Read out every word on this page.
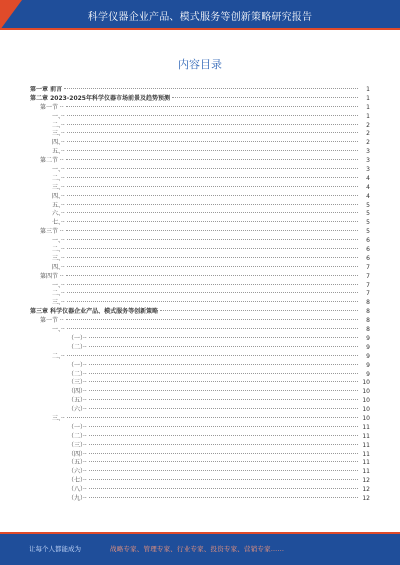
科学仪器企业产品、模式服务等创新策略研究报告
内容目录
第一章 前言	1
第二章 2023-2025年科学仪器市场前景及趋势预测	1
第一节 ··	1
一、··	1
二、··	2
三、··	2
四、··	2
五、··	3
第二节 ··	3
一、··	3
二、··	4
三、··	4
四、··	4
五、··	5
六、··	5
七、··	5
第三节 ··	5
一、··	6
二、··	6
三、··	6
四、··	7
第四节 ··	7
一、··	7
二、··	7
三、··	8
第三章 科学仪器企业产品、模式服务等创新策略	8
第一节 ··	8
一、··	8
（一）··	9
（二）··	9
二、··	9
（一）··	9
（二）··	9
（三）··	10
（四）··	10
（五）··	10
（六）··	10
三、··	10
（一）··	11
（二）··	11
（三）··	11
（四）··	11
（五）··	11
（六）··	11
（七）··	12
（八）··	12
（九）··	12
让每个人都能成为	战略专家、管理专家、行业专家、投资专家、营销专家……
